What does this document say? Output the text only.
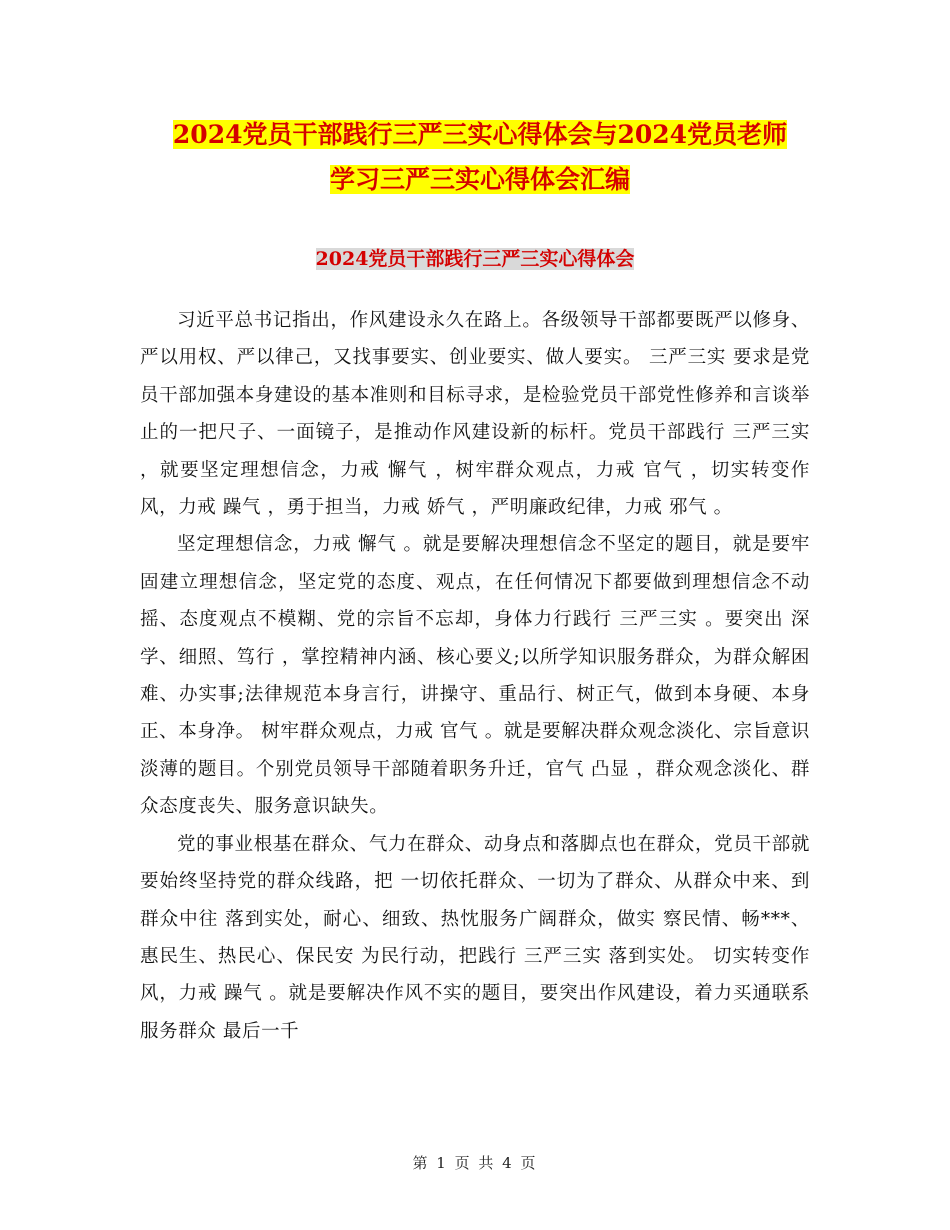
2024党员干部践行三严三实心得体会与2024党员老师
学习三严三实心得体会汇编
2024党员干部践行三严三实心得体会

习近平总书记指出，作风建设永久在路上。各级领导干部都要既严以修身、严以用权、严以律己，又找事要实、创业要实、做人要实。 三严三实 要求是党员干部加强本身建设的基本准则和目标寻求，是检验党员干部党性修养和言谈举止的一把尺子、一面镜子，是推动作风建设新的标杆。党员干部践行 三严三实 ，就要坚定理想信念，力戒 懈气 ，树牢群众观点，力戒 官气 ，切实转变作风，力戒 躁气 ，勇于担当，力戒 娇气 ，严明廉政纪律，力戒 邪气 。

坚定理想信念，力戒 懈气 。就是要解决理想信念不坚定的题目，就是要牢固建立理想信念，坚定党的态度、观点，在任何情况下都要做到理想信念不动摇、态度观点不模糊、党的宗旨不忘却，身体力行践行 三严三实 。要突出 深学、细照、笃行 ，掌控精神内涵、核心要义;以所学知识服务群众，为群众解困难、办实事;法律规范本身言行，讲操守、重品行、树正气，做到本身硬、本身正、本身净。 树牢群众观点，力戒 官气 。就是要解决群众观念淡化、宗旨意识淡薄的题目。个别党员领导干部随着职务升迁，官气 凸显 ，群众观念淡化、群众态度丧失、服务意识缺失。

党的事业根基在群众、气力在群众、动身点和落脚点也在群众，党员干部就要始终坚持党的群众线路，把 一切依托群众、一切为了群众、从群众中来、到群众中往 落到实处，耐心、细致、热忱服务广阔群众，做实 察民情、畅***、惠民生、热民心、保民安 为民行动，把践行 三严三实 落到实处。 切实转变作风，力戒 躁气 。就是要解决作风不实的题目，要突出作风建设，着力买通联系服务群众 最后一千

第 1 页 共 4 页
